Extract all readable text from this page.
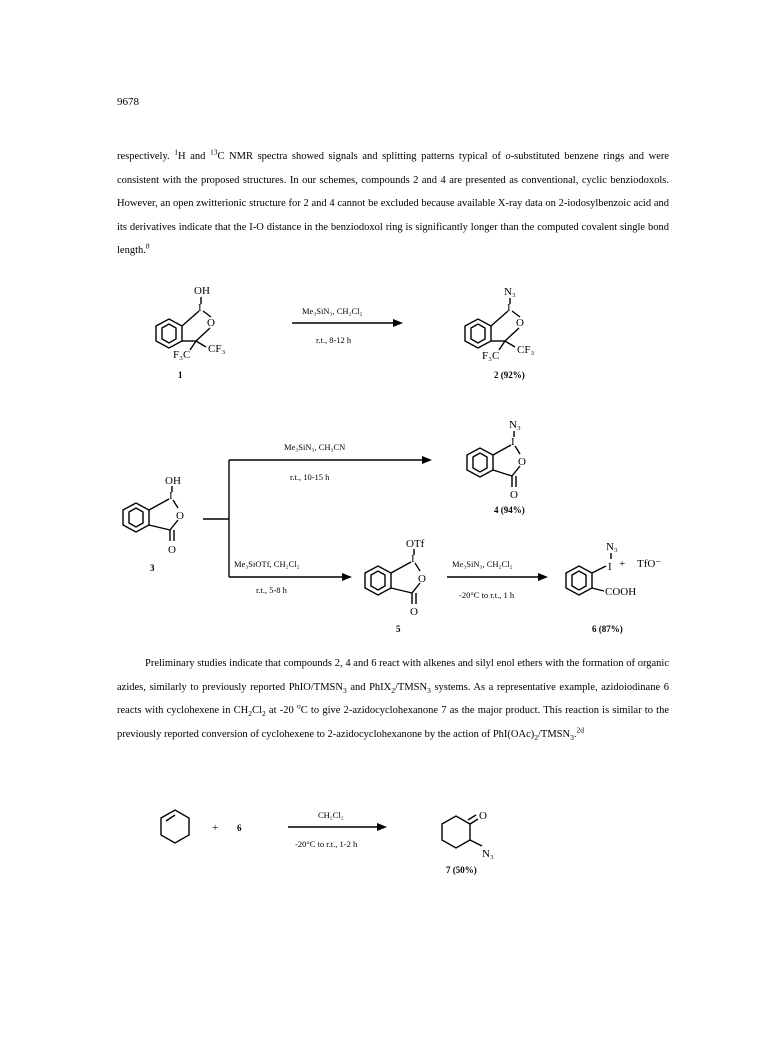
9678

respectively. $^1$H and $^{13}$C NMR spectra showed signals and splitting patterns typical of o-substituted benzene rings and were consistent with the proposed structures. In our schemes, compounds 2 and 4 are presented as conventional, cyclic benziodoxols. However, an open zwitterionic structure for 2 and 4 cannot be excluded because available X-ray data on 2-iodosylbenzoic acid and its derivatives indicate that the I-O distance in the benziodoxol ring is significantly longer than the computed covalent single bond length.$^8$

Preliminary studies indicate that compounds 2, 4 and 6 react with alkenes and silyl enol ethers with the formation of organic azides, similarly to previously reported PhIO/$TMSN_3$ and $PhIX_2/TMSN_3$ systems. As a representative example, azidoiodinane 6 reacts with cyclohexene in $CH_2Cl_2$ at -20 $^o$C to give 2-azidocyclohexanone 7 as the major product. This reaction is similar to the previously reported conversion of cyclohexene to 2-azidocyclohexanone by the action of $PhI(OAc)_2/TMSN_3.^{2d}$

OH
I
O
F₃C CF₃
1
Me₃SiN₃, CH₂Cl₂
r.t., 8-12 h
N₃
I
O
F₃C CF₃
2 (92%)
OH
I
O
O
3
Me₃SiN₃, CH₃CN
r.t., 10-15 h
Me₃SiOTf, CH₂Cl₂
r.t., 5-8 h
N₃
I
O
O
4 (94%)
OTf
I
O
O
5
Me₃SiN₃, CH₂Cl₂
-20°C to r.t., 1 h
N₃
I + TfO⁻
COOH
6 (87%)
+ 6
CH₂Cl₂
-20°C to r.t., 1-2 h
O
N₃
7 (50%)
